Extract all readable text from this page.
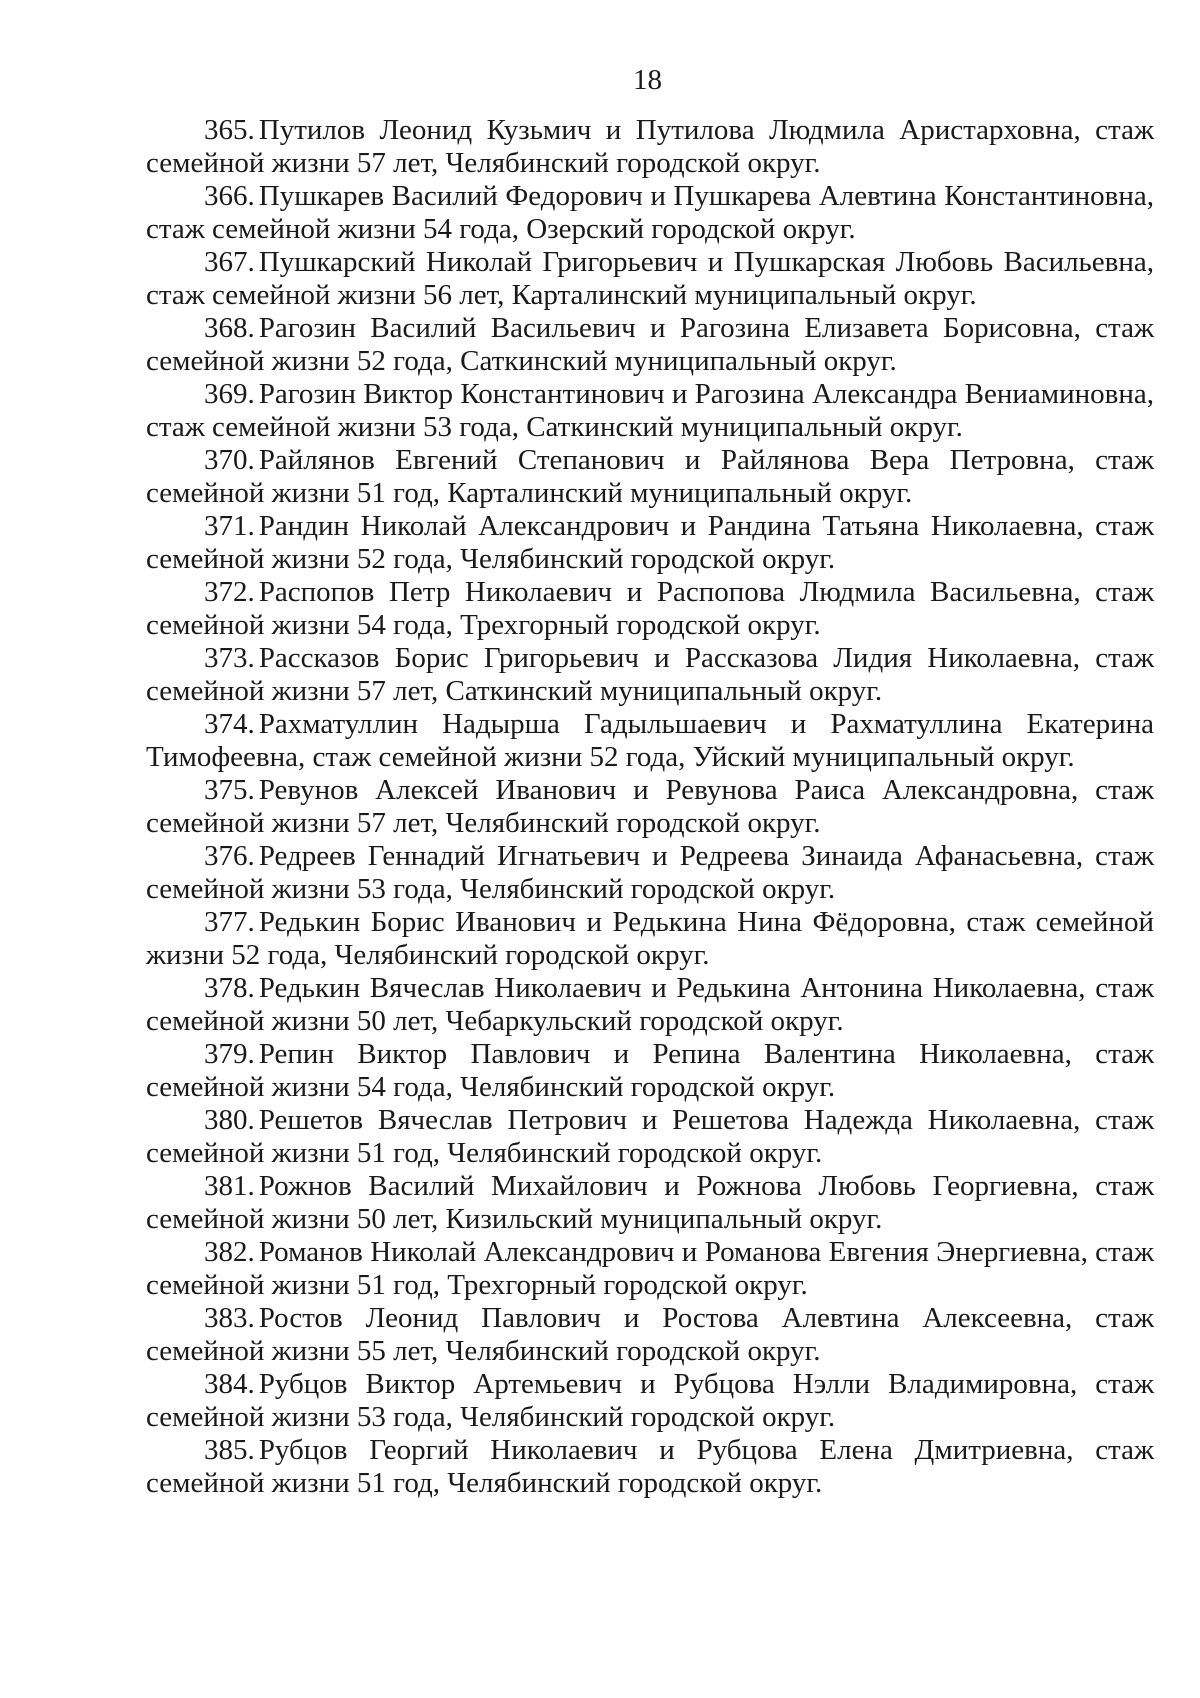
18

365. Путилов Леонид Кузьмич и Путилова Людмила Аристарховна, стаж семейной жизни 57 лет, Челябинский городской округ.

366. Пушкарев Василий Федорович и Пушкарева Алевтина Константиновна, стаж семейной жизни 54 года, Озерский городской округ.

367. Пушкарский Николай Григорьевич и Пушкарская Любовь Васильевна, стаж семейной жизни 56 лет, Карталинский муниципальный округ.

368. Рагозин Василий Васильевич и Рагозина Елизавета Борисовна, стаж семейной жизни 52 года, Саткинский муниципальный округ.

369. Рагозин Виктор Константинович и Рагозина Александра Вениаминовна, стаж семейной жизни 53 года, Саткинский муниципальный округ.

370. Райлянов Евгений Степанович и Райлянова Вера Петровна, стаж семейной жизни 51 год, Карталинский муниципальный округ.

371. Рандин Николай Александрович и Рандина Татьяна Николаевна, стаж семейной жизни 52 года, Челябинский городской округ.

372. Распопов Петр Николаевич и Распопова Людмила Васильевна, стаж семейной жизни 54 года, Трехгорный городской округ.

373. Рассказов Борис Григорьевич и Рассказова Лидия Николаевна, стаж семейной жизни 57 лет, Саткинский муниципальный округ.

374. Рахматуллин Надырша Гадыльшаевич и Рахматуллина Екатерина Тимофеевна, стаж семейной жизни 52 года, Уйский муниципальный округ.

375. Ревунов Алексей Иванович и Ревунова Раиса Александровна, стаж семейной жизни 57 лет, Челябинский городской округ.

376. Редреев Геннадий Игнатьевич и Редреева Зинаида Афанасьевна, стаж семейной жизни 53 года, Челябинский городской округ.

377. Редькин Борис Иванович и Редькина Нина Фёдоровна, стаж семейной жизни 52 года, Челябинский городской округ.

378. Редькин Вячеслав Николаевич и Редькина Антонина Николаевна, стаж семейной жизни 50 лет, Чебаркульский городской округ.

379. Репин Виктор Павлович и Репина Валентина Николаевна, стаж семейной жизни 54 года, Челябинский городской округ.

380. Решетов Вячеслав Петрович и Решетова Надежда Николаевна, стаж семейной жизни 51 год, Челябинский городской округ.

381. Рожнов Василий Михайлович и Рожнова Любовь Георгиевна, стаж семейной жизни 50 лет, Кизильский муниципальный округ.

382. Романов Николай Александрович и Романова Евгения Энергиевна, стаж семейной жизни 51 год, Трехгорный городской округ.

383. Ростов Леонид Павлович и Ростова Алевтина Алексеевна, стаж семейной жизни 55 лет, Челябинский городской округ.

384. Рубцов Виктор Артемьевич и Рубцова Нэлли Владимировна, стаж семейной жизни 53 года, Челябинский городской округ.

385. Рубцов Георгий Николаевич и Рубцова Елена Дмитриевна, стаж семейной жизни 51 год, Челябинский городской округ.
